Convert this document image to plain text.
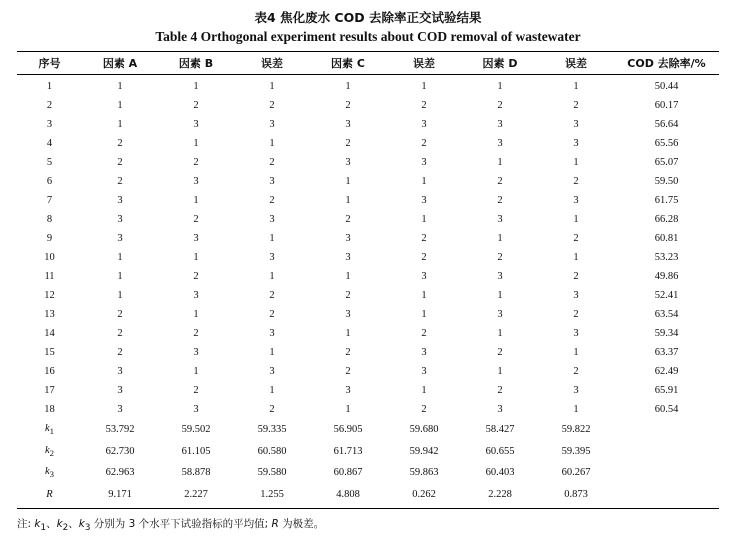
表4 焦化废水 COD 去除率正交试验结果
Table 4 Orthogonal experiment results about COD removal of wastewater
序号	因素 A	因素 B	误差	因素 C	误差	因素 D	误差	COD 去除率/%
1	1	1	1	1	1	1	1	50.44
2	1	2	2	2	2	2	2	60.17
3	1	3	3	3	3	3	3	56.64
4	2	1	1	2	2	3	3	65.56
5	2	2	2	3	3	1	1	65.07
6	2	3	3	1	1	2	2	59.50
7	3	1	2	1	3	2	3	61.75
8	3	2	3	2	1	3	1	66.28
9	3	3	1	3	2	1	2	60.81
10	1	1	3	3	2	2	1	53.23
11	1	2	1	1	3	3	2	49.86
12	1	3	2	2	1	1	3	52.41
13	2	1	2	3	1	3	2	63.54
14	2	2	3	1	2	1	3	59.34
15	2	3	1	2	3	2	1	63.37
16	3	1	3	2	3	1	2	62.49
17	3	2	1	3	1	2	3	65.91
18	3	3	2	1	2	3	1	60.54
$k_1$	53.792	59.502	59.335	56.905	59.680	58.427	59.822	
$k_2$	62.730	61.105	60.580	61.713	59.942	60.655	59.395	
$k_3$	62.963	58.878	59.580	60.867	59.863	60.403	60.267	
R	9.171	2.227	1.255	4.808	0.262	2.228	0.873	
注: $k_1$、$k_2$、$k_3$ 分别为 3 个水平下试验指标的平均值; R 为极差。
